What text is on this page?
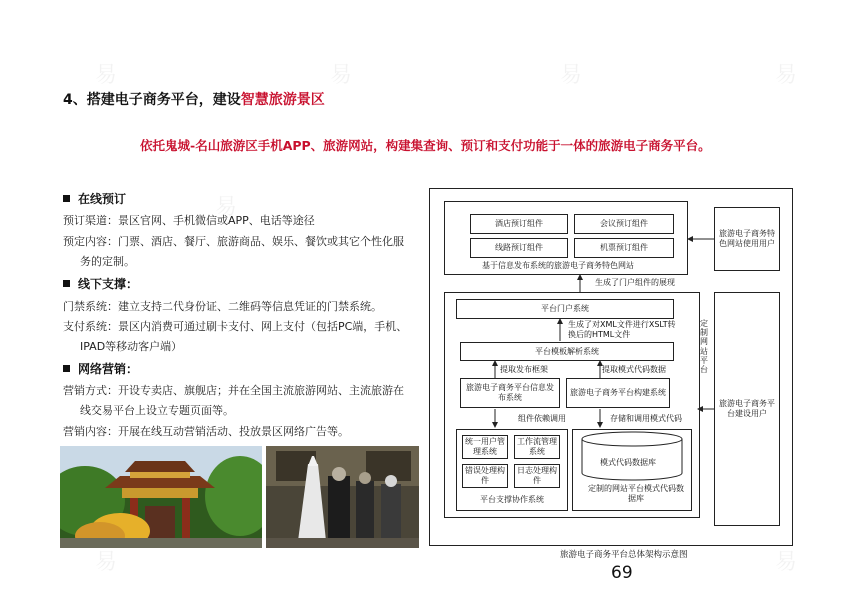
易	易	易	易
易
易	易
4、搭建电子商务平台，建设智慧旅游景区
依托鬼城-名山旅游区手机APP、旅游网站，构建集查询、预订和支付功能于一体的旅游电子商务平台。
在线预订
预订渠道：景区官网、手机微信或APP、电话等途径
预定内容：门票、酒店、餐厅、旅游商品、娱乐、餐饮或其它个性化服
务的定制。
线下支撑：
门禁系统：建立支持二代身份证、二维码等信息凭证的门禁系统。
支付系统：景区内消费可通过刷卡支付、网上支付（包括PC端，手机、
IPAD等移动客户端）
网络营销：
营销方式：开设专卖店、旗舰店；并在全国主流旅游网站、主流旅游在
线交易平台上设立专题页面等。
营销内容：开展在线互动营销活动、投放景区网络广告等。
酒店预订组件	会议预订组件
线路预订组件	机票预订组件
基于信息发布系统的旅游电子商务特色网站
旅游电子商务特色网站使用用户
生成了门户组件的展现
平台门户系统
生成了对XML文件进行XSLT转换后的HTML文件
平台模板解析系统
提取发布框架	提取模式代码数据
旅游电子商务平台信息发布系统
旅游电子商务平台构建系统
组件依赖调用	存储和调用模式代码
统一用户管理系统
工作流管理系统
错误处理构件
日志处理构件
平台支撑协作系统
模式代码数据库
定制的网站平台模式代码数据库
定制网站平台
旅游电子商务平台建设用户
旅游电子商务平台总体架构示意图
69
